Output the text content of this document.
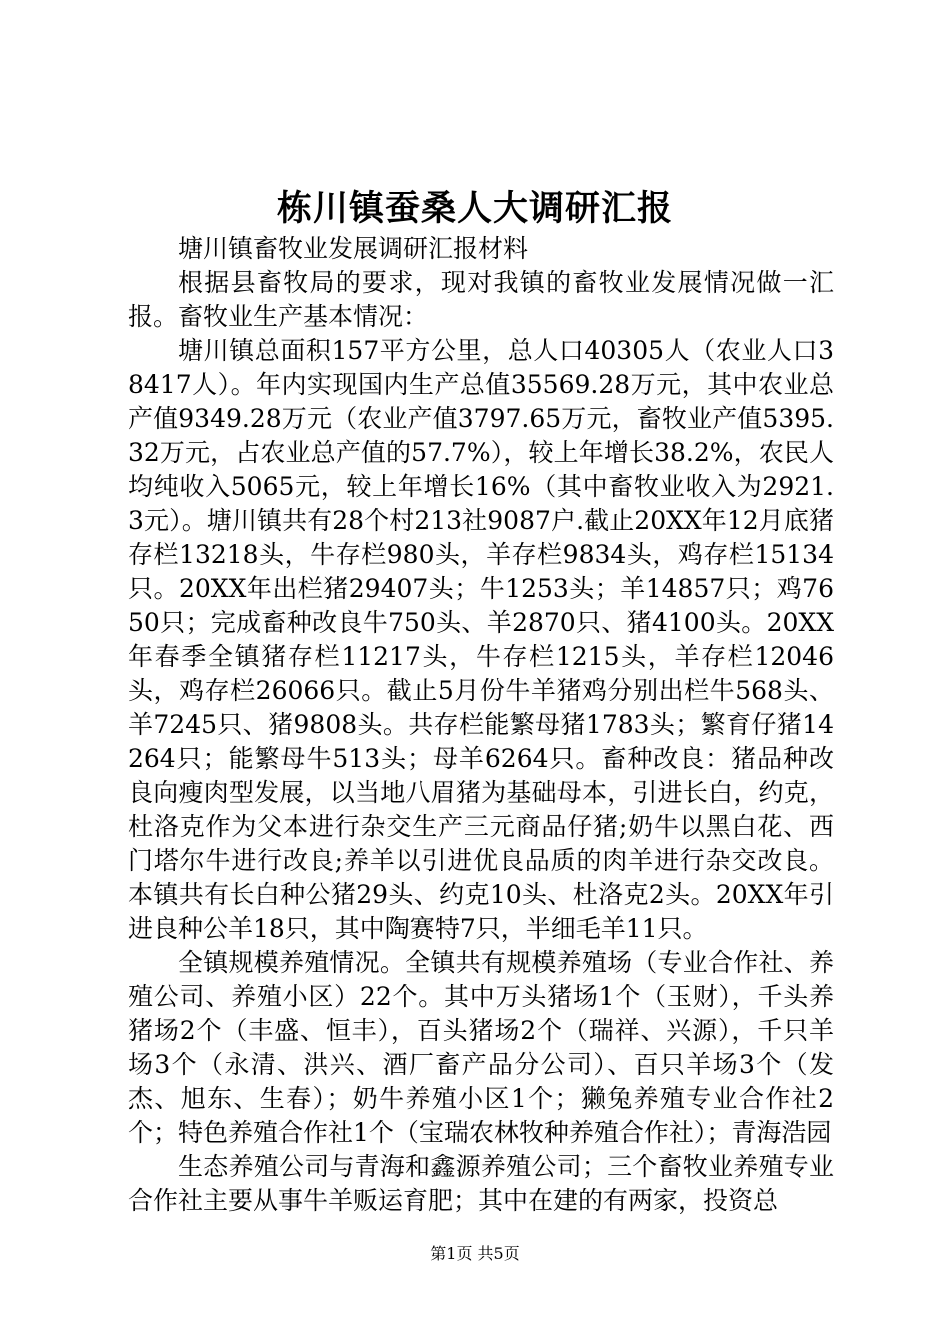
栋川镇蚕桑人大调研汇报

塘川镇畜牧业发展调研汇报材料

根据县畜牧局的要求，现对我镇的畜牧业发展情况做一汇报。畜牧业生产基本情况：

塘川镇总面积157平方公里，总人口40305人（农业人口38417人）。年内实现国内生产总值35569.28万元，其中农业总产值9349.28万元（农业产值3797.65万元，畜牧业产值5395.32万元，占农业总产值的57.7%），较上年增长38.2%，农民人均纯收入5065元，较上年增长16%（其中畜牧业收入为2921.3元）。塘川镇共有28个村213社9087户.截止20XX年12月底猪存栏13218头，牛存栏980头，羊存栏9834头，鸡存栏15134只。20XX年出栏猪29407头；牛1253头；羊14857只；鸡7650只；完成畜种改良牛750头、羊2870只、猪4100头。20XX年春季全镇猪存栏11217头，牛存栏1215头，羊存栏12046头，鸡存栏26066只。截止5月份牛羊猪鸡分别出栏牛568头、羊7245只、猪9808头。共存栏能繁母猪1783头；繁育仔猪14264只；能繁母牛513头；母羊6264只。畜种改良：猪品种改良向瘦肉型发展，以当地八眉猪为基础母本，引进长白，约克，杜洛克作为父本进行杂交生产三元商品仔猪;奶牛以黑白花、西门塔尔牛进行改良;养羊以引进优良品质的肉羊进行杂交改良。本镇共有长白种公猪29头、约克10头、杜洛克2头。20XX年引进良种公羊18只，其中陶赛特7只，半细毛羊11只。

全镇规模养殖情况。全镇共有规模养殖场（专业合作社、养殖公司、养殖小区）22个。其中万头猪场1个（玉财），千头养猪场2个（丰盛、恒丰），百头猪场2个（瑞祥、兴源），千只羊场3个（永清、洪兴、酒厂畜产品分公司）、百只羊场3个（发杰、旭东、生春）；奶牛养殖小区1个；獭兔养殖专业合作社2个；特色养殖合作社1个（宝瑞农林牧种养殖合作社）；青海浩园

生态养殖公司与青海和鑫源养殖公司；三个畜牧业养殖专业合作社主要从事牛羊贩运育肥；其中在建的有两家，投资总

第1页 共5页
